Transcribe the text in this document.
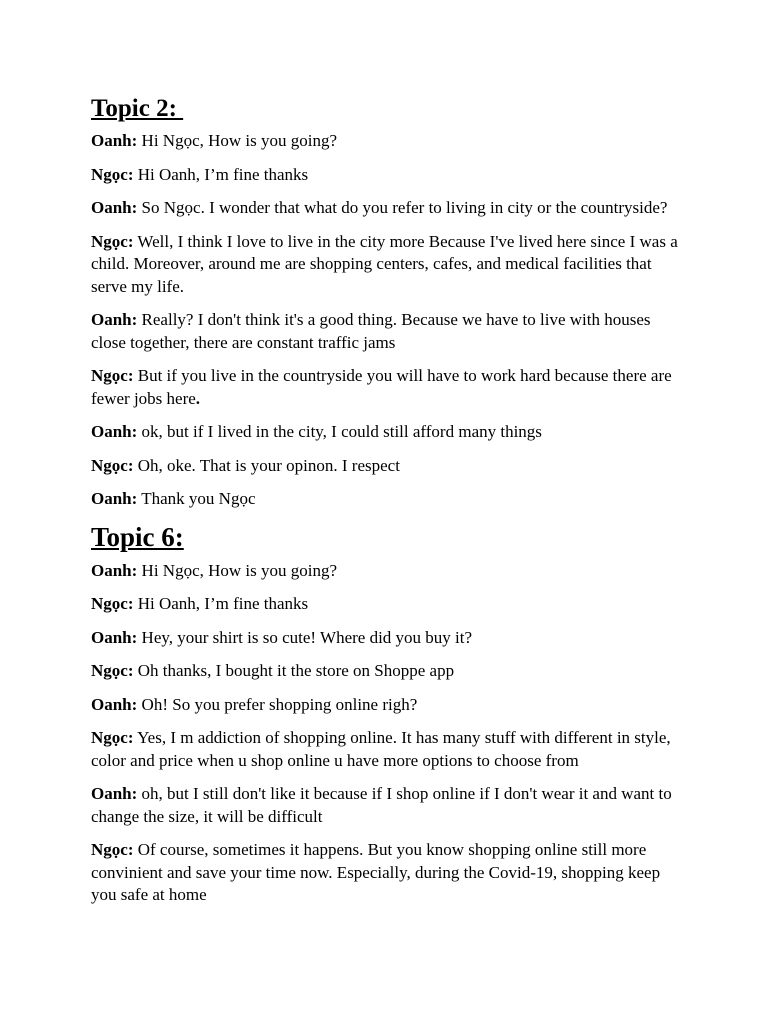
Topic 2:

Oanh: Hi Ngọc, How is you going?

Ngọc: Hi Oanh, I’m fine thanks

Oanh: So Ngọc. I wonder that what do you refer to living in city or the countryside?

Ngọc: Well, I think I love to live in the city more Because I've lived here since I was a child. Moreover, around me are shopping centers, cafes, and medical facilities that serve my life.

Oanh: Really? I don't think it's a good thing. Because we have to live with houses close together, there are constant traffic jams

Ngọc: But if you live in the countryside you will have to work hard because there are fewer jobs here.

Oanh: ok, but if I lived in the city, I could still afford many things

Ngọc: Oh, oke. That is your opinon. I respect

Oanh: Thank you Ngọc

Topic 6:

Oanh: Hi Ngọc, How is you going?

Ngọc: Hi Oanh, I’m fine thanks

Oanh: Hey, your shirt is so cute! Where did you buy it?

Ngọc: Oh thanks, I bought it the store on Shoppe app

Oanh: Oh! So you prefer shopping online righ?

Ngọc: Yes, I m addiction of shopping online. It has many stuff with different in style, color and price when u shop online u have more options to choose from

Oanh: oh, but I still don't like it because if I shop online if I don't wear it and want to change the size, it will be difficult

Ngọc: Of course, sometimes it happens. But you know shopping online still more convinient and save your time now. Especially, during the Covid-19, shopping keep you safe at home
